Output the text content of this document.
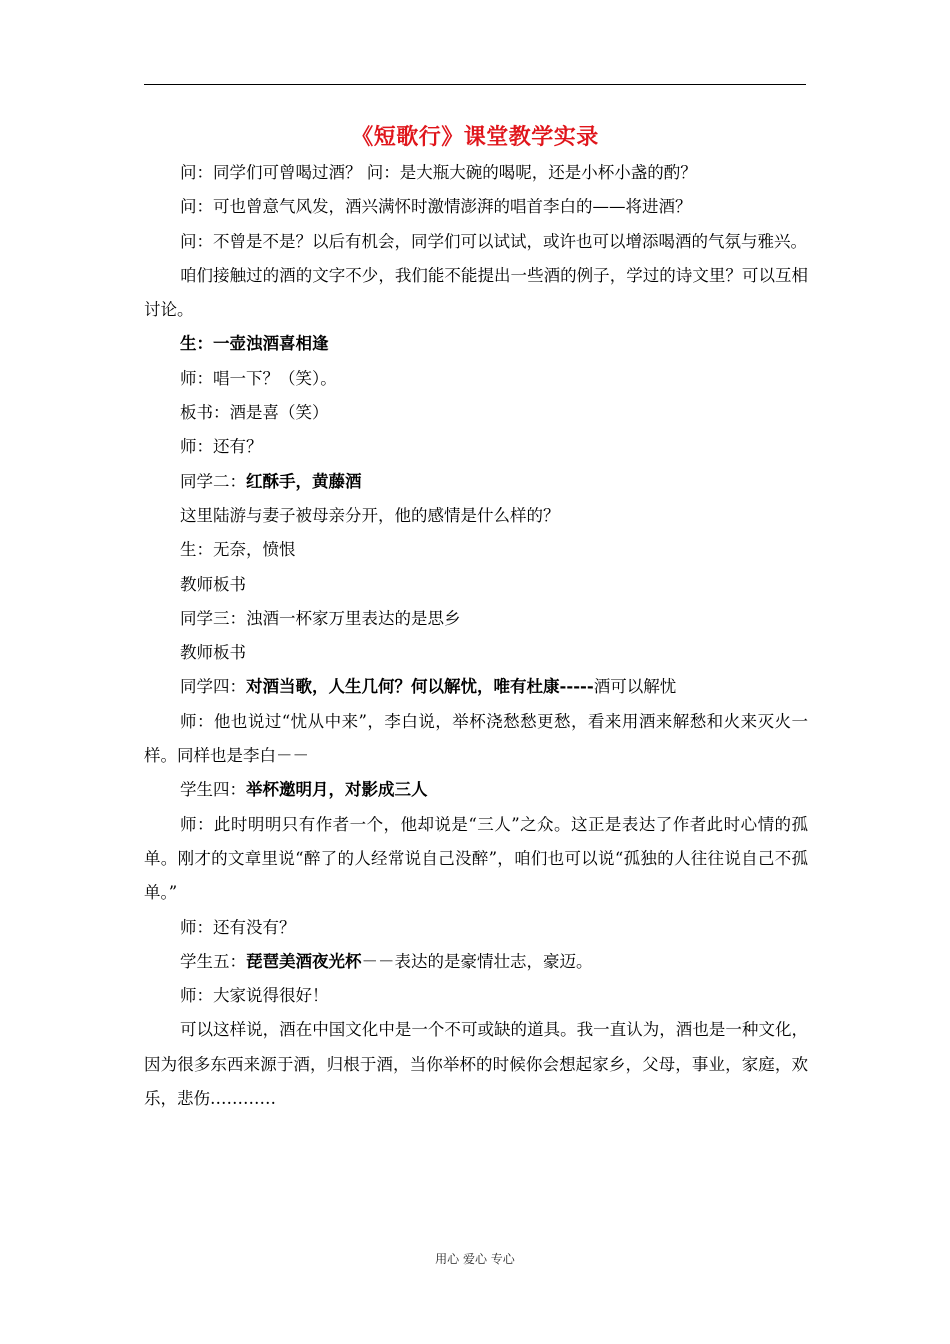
《短歌行》课堂教学实录

问：同学们可曾喝过酒？ 问：是大瓶大碗的喝呢，还是小杯小盏的酌？

问：可也曾意气风发，酒兴满怀时激情澎湃的唱首李白的——将进酒？

问：不曾是不是？以后有机会，同学们可以试试，或许也可以增添喝酒的气氛与雅兴。

咱们接触过的酒的文字不少，我们能不能提出一些酒的例子，学过的诗文里？可以互相讨论。

生：一壶浊酒喜相逢

师：唱一下？（笑）。

板书：酒是喜（笑）

师：还有？

同学二：红酥手，黄藤酒

这里陆游与妻子被母亲分开，他的感情是什么样的？

生：无奈，愤恨

教师板书

同学三：浊酒一杯家万里表达的是思乡

教师板书

同学四：对酒当歌，人生几何？何以解忧，唯有杜康-----酒可以解忧

师：他也说过“忧从中来”，李白说，举杯浇愁愁更愁，看来用酒来解愁和火来灭火一样。同样也是李白－－

学生四：举杯邀明月，对影成三人

师：此时明明只有作者一个，他却说是“三人”之众。这正是表达了作者此时心情的孤单。刚才的文章里说“醉了的人经常说自己没醉”，咱们也可以说“孤独的人往往说自己不孤单。”

师：还有没有？

学生五：琵琶美酒夜光杯－－表达的是豪情壮志，豪迈。

师：大家说得很好！

可以这样说，酒在中国文化中是一个不可或缺的道具。我一直认为，酒也是一种文化，因为很多东西来源于酒，归根于酒，当你举杯的时候你会想起家乡，父母，事业，家庭，欢乐，悲伤…………

用心 爱心 专心
